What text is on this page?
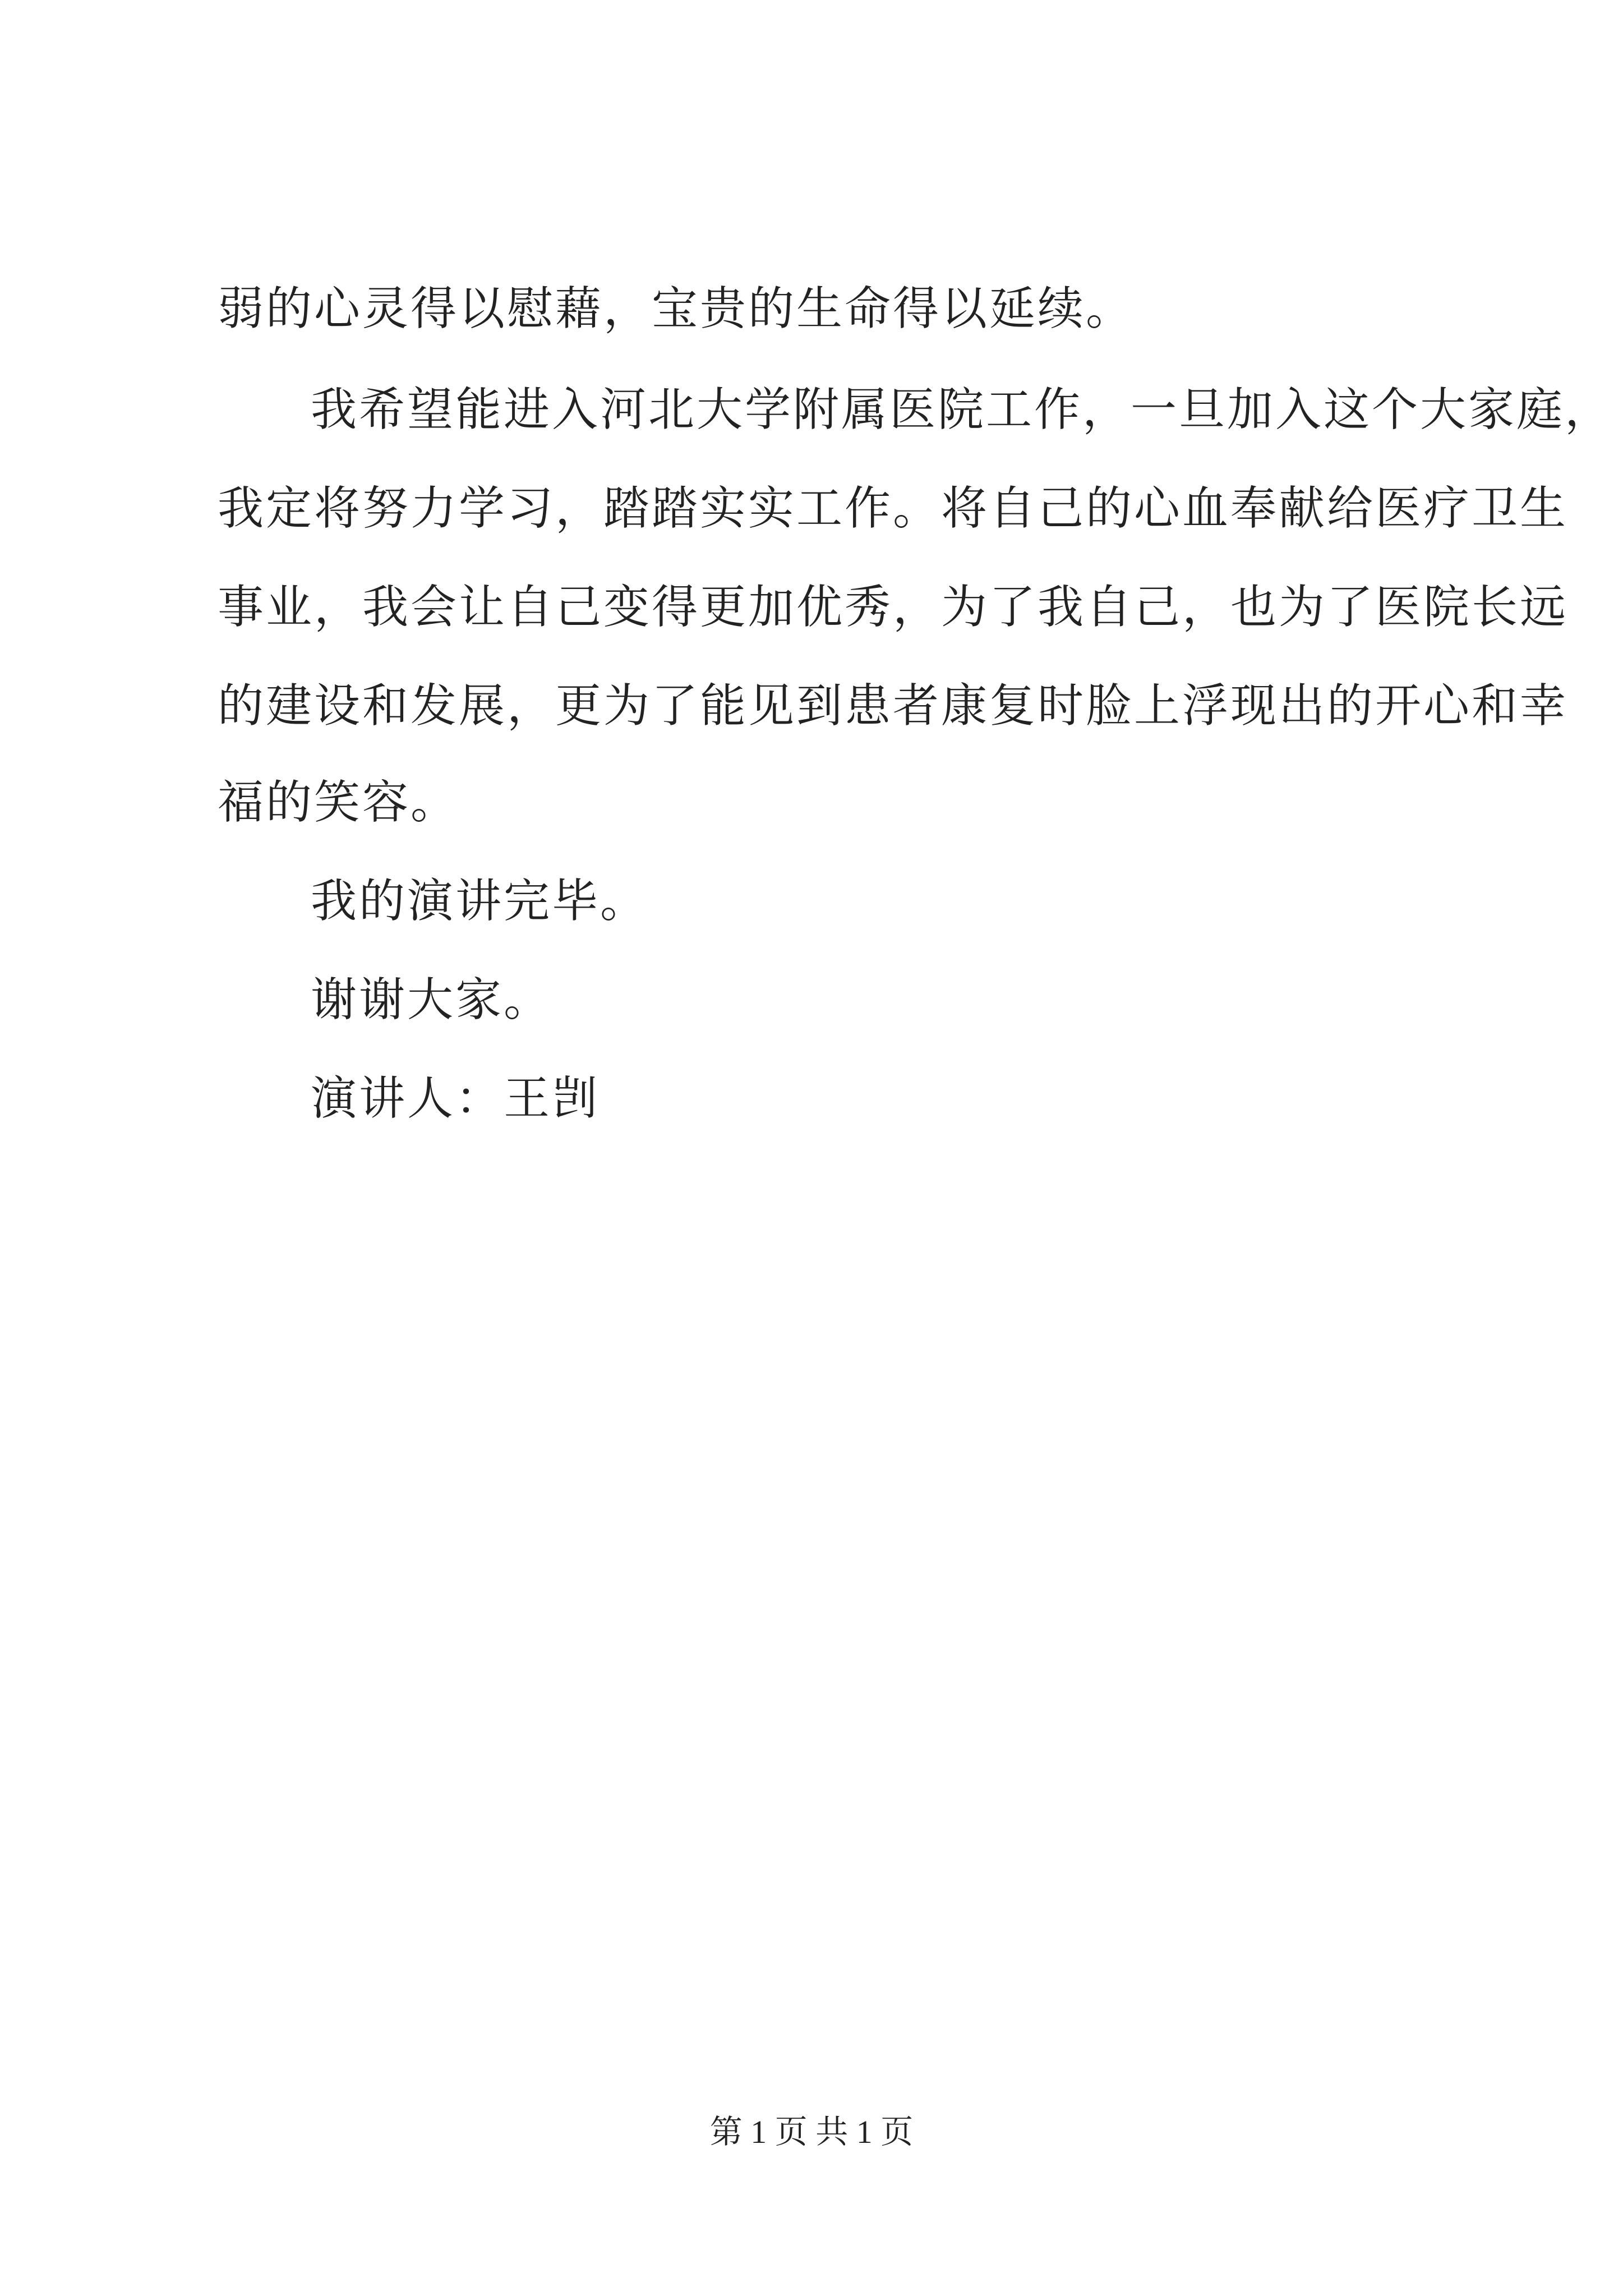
弱的心灵得以慰藉，宝贵的生命得以延续。

我希望能进入河北大学附属医院工作，一旦加入这个大家庭，

我定将努力学习，踏踏实实工作。将自己的心血奉献给医疗卫生

事业，我会让自己变得更加优秀，为了我自己，也为了医院长远

的建设和发展，更为了能见到患者康复时脸上浮现出的开心和幸

福的笑容。

我的演讲完毕。

谢谢大家。

演讲人：王剀

第 1 页 共 1 页
